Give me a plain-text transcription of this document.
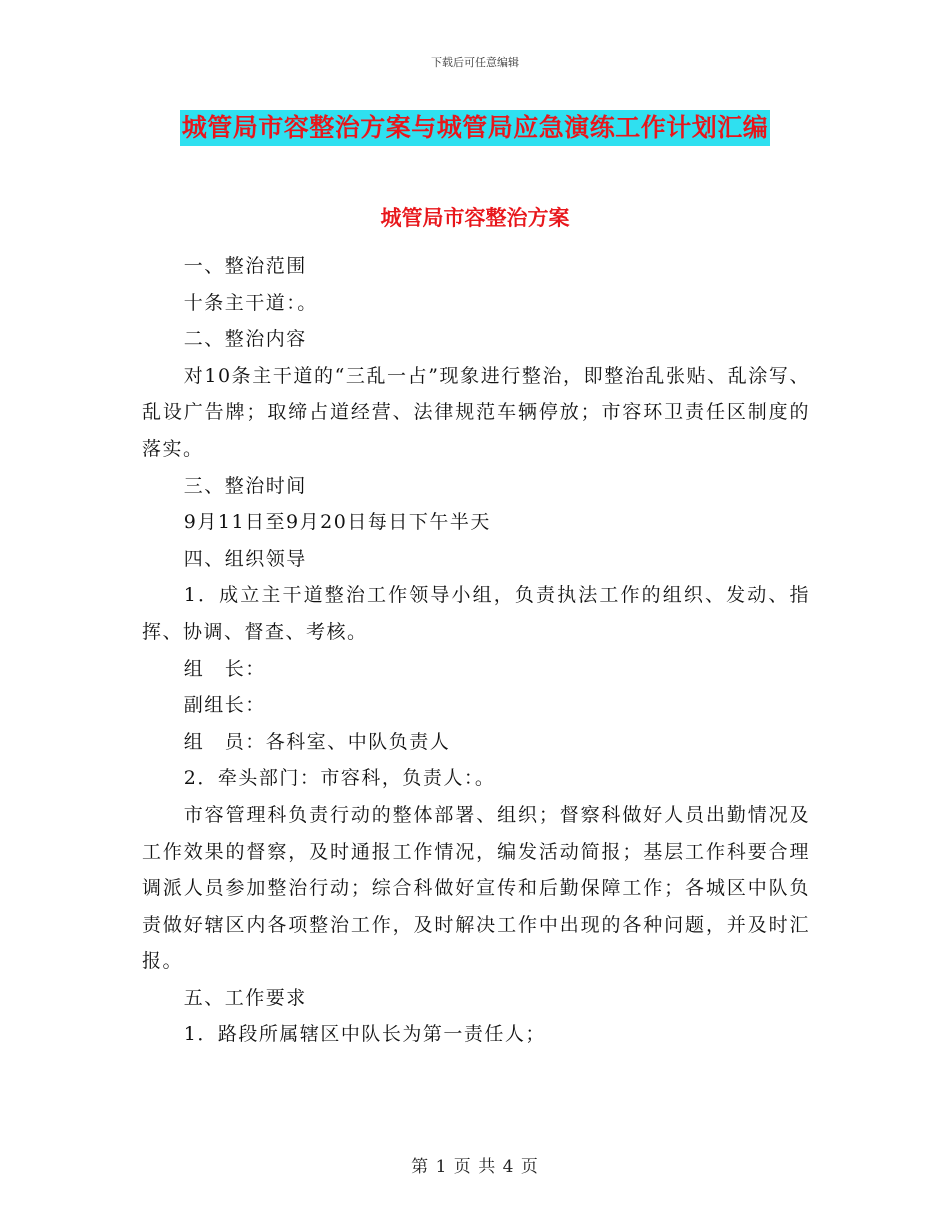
下载后可任意编辑
城管局市容整治方案与城管局应急演练工作计划汇编
城管局市容整治方案

一、整治范围

十条主干道：。

二、整治内容

对10条主干道的“三乱一占”现象进行整治，即整治乱张贴、乱涂写、乱设广告牌；取缔占道经营、法律规范车辆停放；市容环卫责任区制度的落实。

三、整治时间

9月11日至9月20日每日下午半天

四、组织领导

1．成立主干道整治工作领导小组，负责执法工作的组织、发动、指挥、协调、督查、考核。

组　长：

副组长：

组　员：各科室、中队负责人

2．牵头部门：市容科，负责人：。

市容管理科负责行动的整体部署、组织；督察科做好人员出勤情况及工作效果的督察，及时通报工作情况，编发活动简报；基层工作科要合理调派人员参加整治行动；综合科做好宣传和后勤保障工作；各城区中队负责做好辖区内各项整治工作，及时解决工作中出现的各种问题，并及时汇报。

五、工作要求

1．路段所属辖区中队长为第一责任人；

第 1 页 共 4 页
